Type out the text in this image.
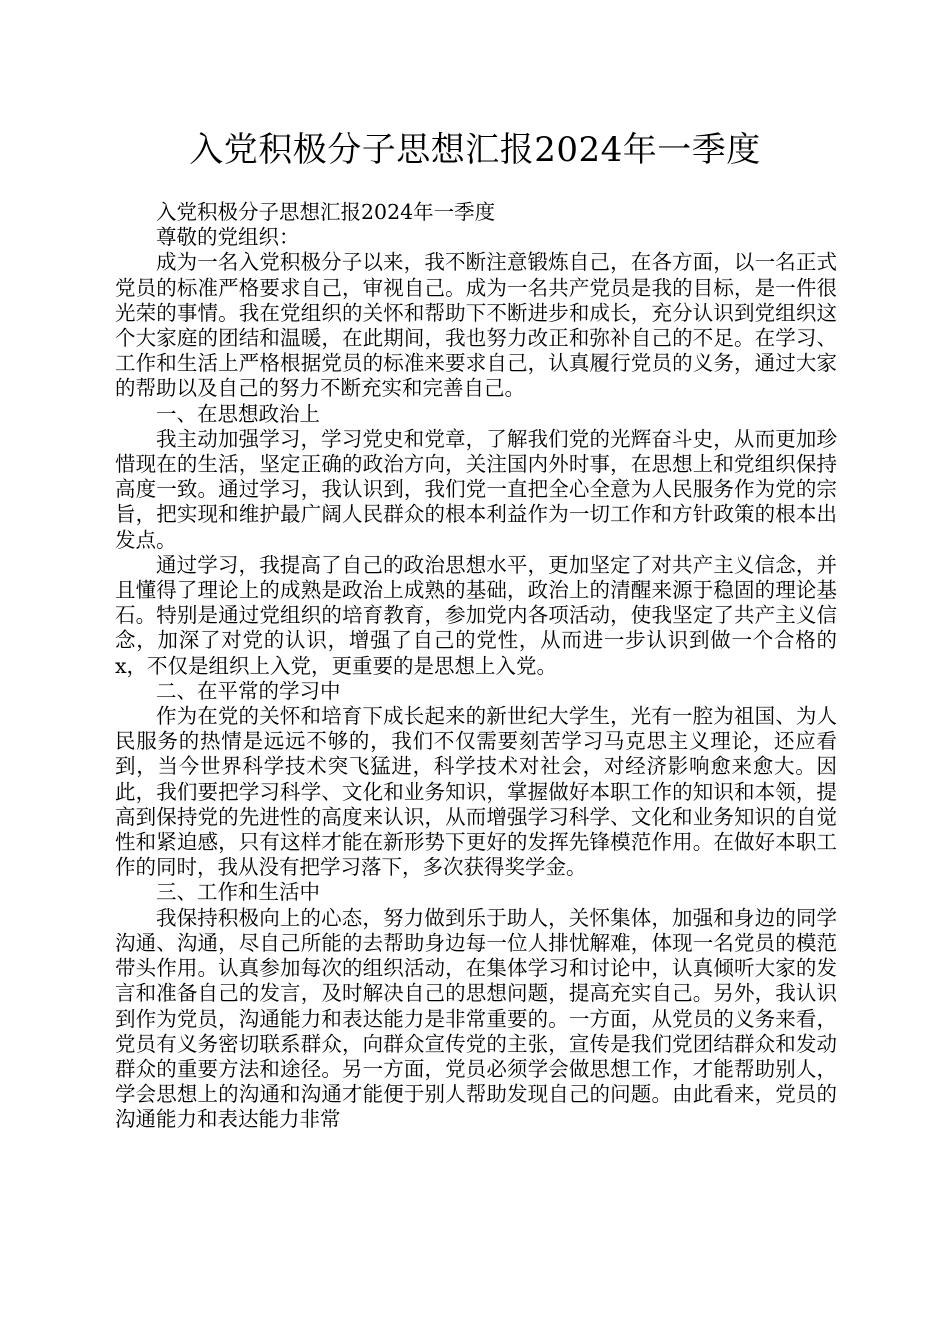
入党积极分子思想汇报2024年一季度

入党积极分子思想汇报2024年一季度

尊敬的党组织：

成为一名入党积极分子以来，我不断注意锻炼自己，在各方面，以一名正式党员的标准严格要求自己，审视自己。成为一名共产党员是我的目标，是一件很光荣的事情。我在党组织的关怀和帮助下不断进步和成长，充分认识到党组织这个大家庭的团结和温暖，在此期间，我也努力改正和弥补自己的不足。在学习、工作和生活上严格根据党员的标准来要求自己，认真履行党员的义务，通过大家的帮助以及自己的努力不断充实和完善自己。

一、在思想政治上

我主动加强学习，学习党史和党章，了解我们党的光辉奋斗史，从而更加珍惜现在的生活，坚定正确的政治方向，关注国内外时事，在思想上和党组织保持高度一致。通过学习，我认识到，我们党一直把全心全意为人民服务作为党的宗旨，把实现和维护最广阔人民群众的根本利益作为一切工作和方针政策的根本出发点。

通过学习，我提高了自己的政治思想水平，更加坚定了对共产主义信念，并且懂得了理论上的成熟是政治上成熟的基础，政治上的清醒来源于稳固的理论基石。特别是通过党组织的培育教育，参加党内各项活动，使我坚定了共产主义信念，加深了对党的认识，增强了自己的党性，从而进一步认识到做一个合格的x，不仅是组织上入党，更重要的是思想上入党。

二、在平常的学习中

作为在党的关怀和培育下成长起来的新世纪大学生，光有一腔为祖国、为人民服务的热情是远远不够的，我们不仅需要刻苦学习马克思主义理论，还应看到，当今世界科学技术突飞猛进，科学技术对社会，对经济影响愈来愈大。因此，我们要把学习科学、文化和业务知识，掌握做好本职工作的知识和本领，提高到保持党的先进性的高度来认识，从而增强学习科学、文化和业务知识的自觉性和紧迫感，只有这样才能在新形势下更好的发挥先锋模范作用。在做好本职工作的同时，我从没有把学习落下，多次获得奖学金。

三、工作和生活中

我保持积极向上的心态，努力做到乐于助人，关怀集体，加强和身边的同学沟通、沟通，尽自己所能的去帮助身边每一位人排忧解难，体现一名党员的模范带头作用。认真参加每次的组织活动，在集体学习和讨论中，认真倾听大家的发言和准备自己的发言，及时解决自己的思想问题，提高充实自己。另外，我认识到作为党员，沟通能力和表达能力是非常重要的。一方面，从党员的义务来看，党员有义务密切联系群众，向群众宣传党的主张，宣传是我们党团结群众和发动群众的重要方法和途径。另一方面，党员必须学会做思想工作，才能帮助别人，学会思想上的沟通和沟通才能便于别人帮助发现自己的问题。由此看来，党员的沟通能力和表达能力非常
